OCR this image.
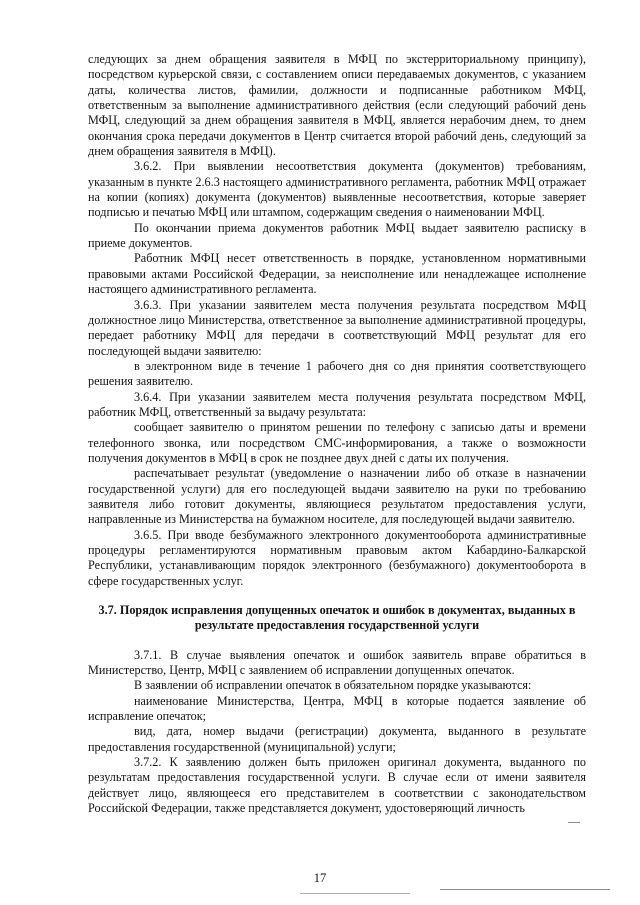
следующих за днем обращения заявителя в МФЦ по экстерриториальному принципу), посредством курьерской связи, с составлением описи передаваемых документов, с указанием даты, количества листов, фамилии, должности и подписанные работником МФЦ, ответственным за выполнение административного действия (если следующий рабочий день МФЦ, следующий за днем обращения заявителя в МФЦ, является нерабочим днем, то днем окончания срока передачи документов в Центр считается второй рабочий день, следующий за днем обращения заявителя в МФЦ).

3.6.2. При выявлении несоответствия документа (документов) требованиям, указанным в пункте 2.6.3 настоящего административного регламента, работник МФЦ отражает на копии (копиях) документа (документов) выявленные несоответствия, которые заверяет подписью и печатью МФЦ или штампом, содержащим сведения о наименовании МФЦ.

По окончании приема документов работник МФЦ выдает заявителю расписку в приеме документов.

Работник МФЦ несет ответственность в порядке, установленном нормативными правовыми актами Российской Федерации, за неисполнение или ненадлежащее исполнение настоящего административного регламента.

3.6.3. При указании заявителем места получения результата посредством МФЦ должностное лицо Министерства, ответственное за выполнение административной процедуры, передает работнику МФЦ для передачи в соответствующий МФЦ результат для его последующей выдачи заявителю:

в электронном виде в течение 1 рабочего дня со дня принятия соответствующего решения заявителю.

3.6.4. При указании заявителем места получения результата посредством МФЦ, работник МФЦ, ответственный за выдачу результата:

сообщает заявителю о принятом решении по телефону с записью даты и времени телефонного звонка, или посредством СМС-информирования, а также о возможности получения документов в МФЦ в срок не позднее двух дней с даты их получения.

распечатывает результат (уведомление о назначении либо об отказе в назначении государственной услуги) для его последующей выдачи заявителю на руки по требованию заявителя либо готовит документы, являющиеся результатом предоставления услуги, направленные из Министерства на бумажном носителе, для последующей выдачи заявителю.

3.6.5. При вводе безбумажного электронного документооборота административные процедуры регламентируются нормативным правовым актом Кабардино-Балкарской Республики, устанавливающим порядок электронного (безбумажного) документооборота в сфере государственных услуг.

3.7. Порядок исправления допущенных опечаток и ошибок в документах, выданных в результате предоставления государственной услуги

3.7.1. В случае выявления опечаток и ошибок заявитель вправе обратиться в Министерство, Центр, МФЦ с заявлением об исправлении допущенных опечаток.

В заявлении об исправлении опечаток в обязательном порядке указываются:

наименование Министерства, Центра, МФЦ в которые подается заявление об исправление опечаток;

вид, дата, номер выдачи (регистрации) документа, выданного в результате предоставления государственной (муниципальной) услуги;

3.7.2. К заявлению должен быть приложен оригинал документа, выданного по результатам предоставления государственной услуги. В случае если от имени заявителя действует лицо, являющееся его представителем в соответствии с законодательством Российской Федерации, также представляется документ, удостоверяющий личность

17
